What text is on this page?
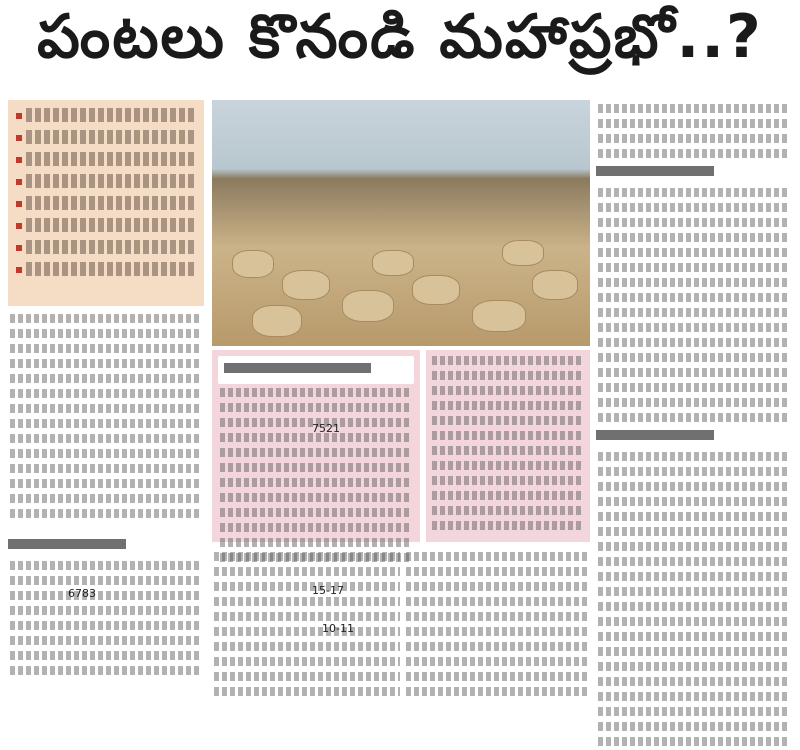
పంటలు కొనండి మహాప్రభో..?
6783
7521
15-17
10-11
